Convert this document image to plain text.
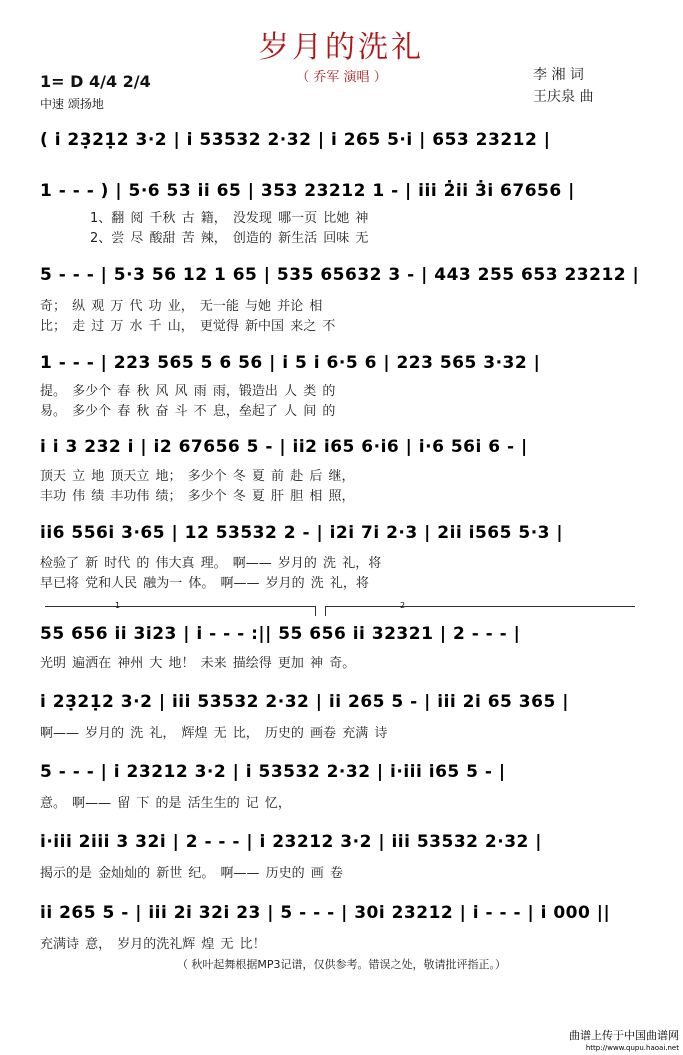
岁月的洗礼
（ 乔军 演唱 ）	李 湘 词
王庆泉 曲
1= D 4/4 2/4
中速 颂扬地
( i̇ 23̣21̣2 3·2 | i̇ 53532 2·32 | i̇ 265 5·i̇ | 653 23212 |
1 - - - ) | 5·6 53 i̇i̇ 65 | 353 23212 1 - | i̇i̇i̇ 2̇i̇i̇ 3̇i̇ 67656 |
1、翻 阅 千秋 古 籍， 没发现 哪一页 比她 神
2、尝 尽 酸甜 苦 辣， 创造的 新生活 回味 无
5 - - - | 5·3 56 12 1 65 | 535 65632 3 - | 443 255 653 23212 |
奇； 纵 观 万 代 功 业， 无一能 与她 并论 相
比； 走 过 万 水 千 山， 更觉得 新中国 来之 不
1 - - - | 223 565 5 6 56 | i̇ 5 i̇ 6·5 6 | 223 565 3·32 |
提。 多少个 春 秋 风 风 雨 雨，锻造出 人 类 的
易。 多少个 春 秋 奋 斗 不 息，垒起了 人 间 的
i̇ i̇ 3 232 i̇ | i̇2 67656 5 - | i̇i̇2 i̇65 6·i̇6 | i̇·6 56i̇ 6 - |
顶天 立 地 顶天立 地； 多少个 冬 夏 前 赴 后 继，
丰功 伟 绩 丰功伟 绩； 多少个 冬 夏 肝 胆 相 照，
i̇i̇6 556i̇ 3·65 | 12 53532 2 - | i̇2i̇ 7i̇ 2·3 | 2i̇i̇ i̇565 5·3 |
检验了 新 时代 的 伟大真 理。 啊—— 岁月的 洗 礼，将
早已将 党和人民 融为一 体。 啊—— 岁月的 洗 礼，将
1	2
55 656 i̇i̇ 3i̇23 | i̇ - - - :|| 55 656 i̇i̇ 32321 | 2 - - - |
光明 遍洒在 神州 大 地！ 未来 描绘得 更加 神 奇。
i̇ 23̣21̣2 3·2 | i̇i̇i̇ 53532 2·32 | i̇i̇ 265 5 - | i̇i̇i̇ 2i̇ 65 365 |
啊—— 岁月的 洗 礼， 辉煌 无 比， 历史的 画卷 充满 诗
5 - - - | i̇ 23212 3·2 | i̇ 53532 2·32 | i̇·i̇i̇i̇ i̇65 5 - |
意。 啊—— 留 下 的是 活生生的 记 忆，
i̇·i̇i̇i̇ 2i̇i̇i̇ 3 32i̇ | 2 - - - | i̇ 23212 3·2 | i̇i̇i̇ 53532 2·32 |
揭示的是 金灿灿的 新世 纪。 啊—— 历史的 画 卷
i̇i̇ 265 5 - | i̇i̇i̇ 2i̇ 32i̇ 23 | 5 - - - | 30i̇ 23212 | i̇ - - - | i̇ 000 ||
充满诗 意， 岁月的洗礼辉 煌 无 比！
（ 秋叶起舞根据MP3记谱，仅供参考。错误之处，敬请批评指正。）
曲谱上传于中国曲谱网
http://www.qupu.haoai.net
